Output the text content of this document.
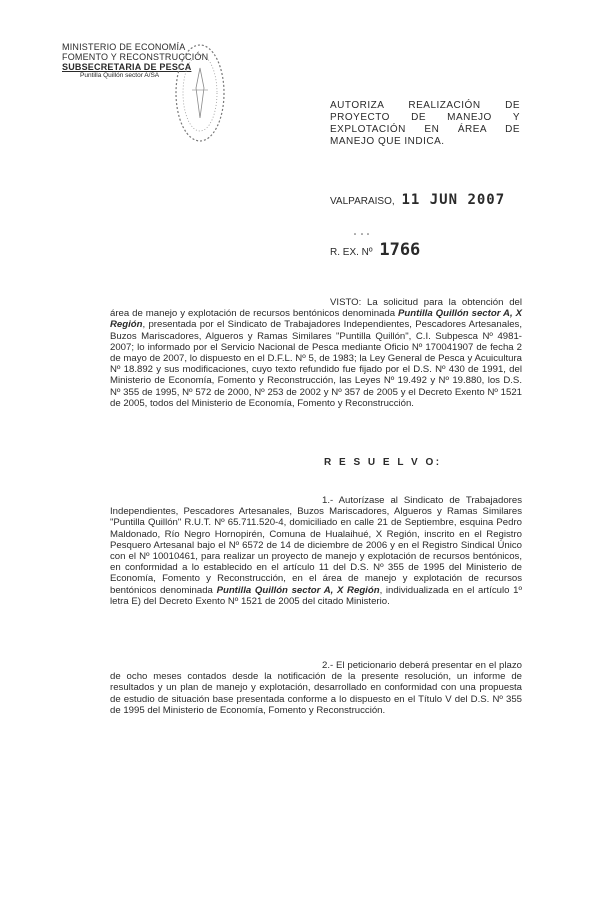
MINISTERIO DE ECONOMÍA
FOMENTO Y RECONSTRUCCIÓN
SUBSECRETARIA DE PESCA
Puntilla Quillón sector A/SA
AUTORIZA REALIZACIÓN DE PROYECTO DE MANEJO Y EXPLOTACIÓN EN ÁREA DE MANEJO QUE INDICA.
VALPARAISO, 11 JUN 2007
R. EX. Nº 1766
VISTO: La solicitud para la obtención del área de manejo y explotación de recursos bentónicos denominada Puntilla Quillón sector A, X Región, presentada por el Sindicato de Trabajadores Independientes, Pescadores Artesanales, Buzos Mariscadores, Algueros y Ramas Similares "Puntilla Quillón", C.I. Subpesca Nº 4981-2007; lo informado por el Servicio Nacional de Pesca mediante Oficio Nº 170041907 de fecha 2 de mayo de 2007, lo dispuesto en el D.F.L. Nº 5, de 1983; la Ley General de Pesca y Acuicultura Nº 18.892 y sus modificaciones, cuyo texto refundido fue fijado por el D.S. Nº 430 de 1991, del Ministerio de Economía, Fomento y Reconstrucción, las Leyes Nº 19.492 y Nº 19.880, los D.S. Nº 355 de 1995, Nº 572 de 2000, Nº 253 de 2002 y Nº 357 de 2005 y el Decreto Exento Nº 1521 de 2005, todos del Ministerio de Economía, Fomento y Reconstrucción.
R E S U E L V O:
1.- Autorízase al Sindicato de Trabajadores Independientes, Pescadores Artesanales, Buzos Mariscadores, Algueros y Ramas Similares "Puntilla Quillón" R.U.T. Nº 65.711.520-4, domiciliado en calle 21 de Septiembre, esquina Pedro Maldonado, Río Negro Hornopirén, Comuna de Hualaihué, X Región, inscrito en el Registro Pesquero Artesanal bajo el Nº 6572 de 14 de diciembre de 2006 y en el Registro Sindical Único con el Nº 10010461, para realizar un proyecto de manejo y explotación de recursos bentónicos, en conformidad a lo establecido en el artículo 11 del D.S. Nº 355 de 1995 del Ministerio de Economía, Fomento y Reconstrucción, en el área de manejo y explotación de recursos bentónicos denominada Puntilla Quillón sector A, X Región, individualizada en el artículo 1º letra E) del Decreto Exento Nº 1521 de 2005 del citado Ministerio.
2.- El peticionario deberá presentar en el plazo de ocho meses contados desde la notificación de la presente resolución, un informe de resultados y un plan de manejo y explotación, desarrollado en conformidad con una propuesta de estudio de situación base presentada conforme a lo dispuesto en el Título V del D.S. Nº 355 de 1995 del Ministerio de Economía, Fomento y Reconstrucción.
